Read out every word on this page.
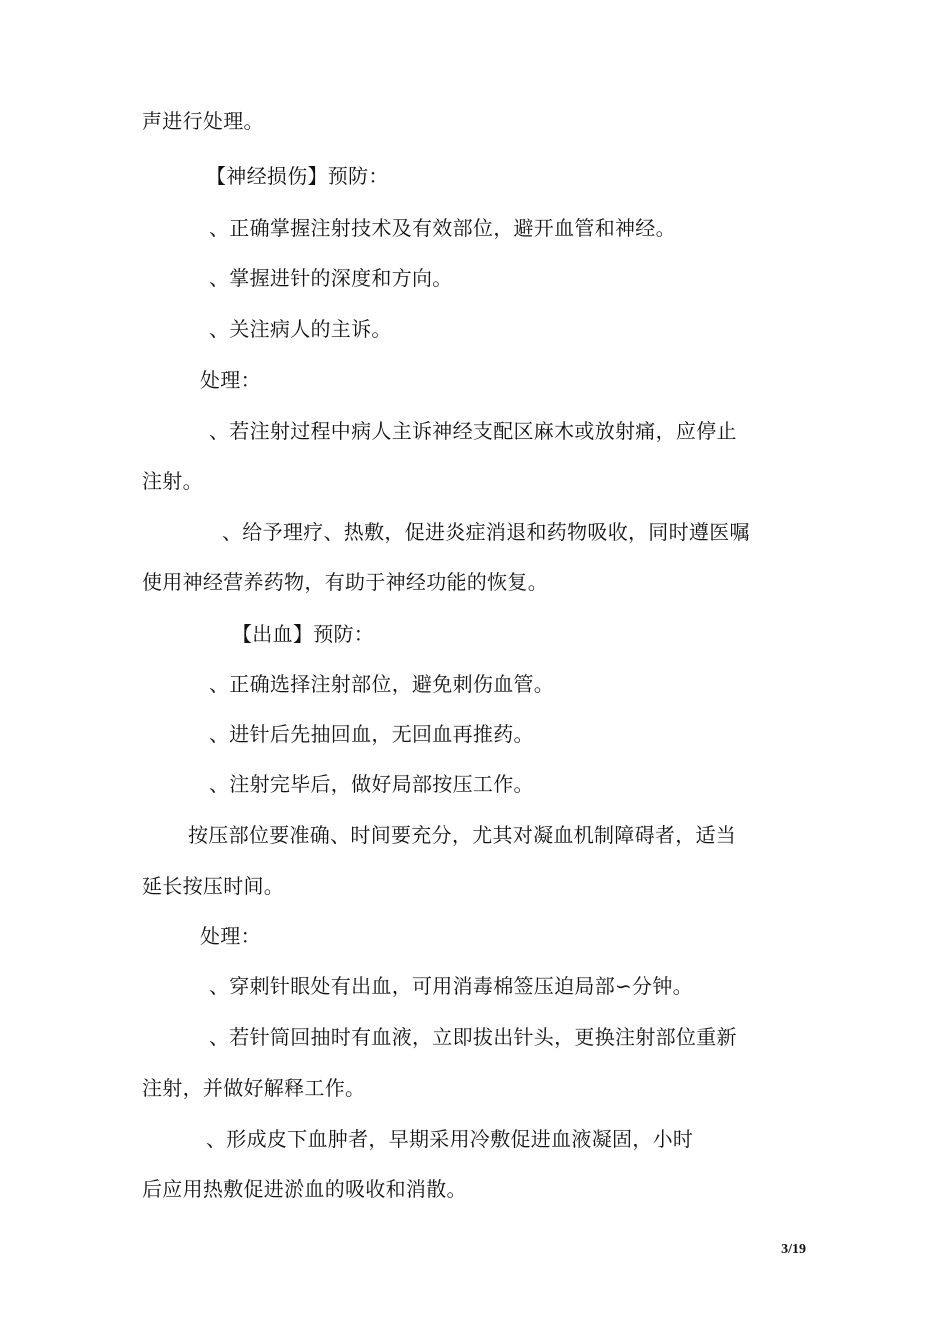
声进行处理。
【神经损伤】预防：
、正确掌握注射技术及有效部位，避开血管和神经。
、掌握进针的深度和方向。
、关注病人的主诉。
处理：
、若注射过程中病人主诉神经支配区麻木或放射痛，应停止
注射。
、给予理疗、热敷，促进炎症消退和药物吸收，同时遵医嘱
使用神经营养药物，有助于神经功能的恢复。
【出血】预防：
、正确选择注射部位，避免刺伤血管。
、进针后先抽回血，无回血再推药。
、注射完毕后，做好局部按压工作。
按压部位要准确、时间要充分，尤其对凝血机制障碍者，适当
延长按压时间。
处理：
、穿刺针眼处有出血，可用消毒棉签压迫局部∽分钟。
、若针筒回抽时有血液，立即拔出针头，更换注射部位重新
注射，并做好解释工作。
、形成皮下血肿者，早期采用冷敷促进血液凝固，小时
后应用热敷促进淤血的吸收和消散。
3/19
